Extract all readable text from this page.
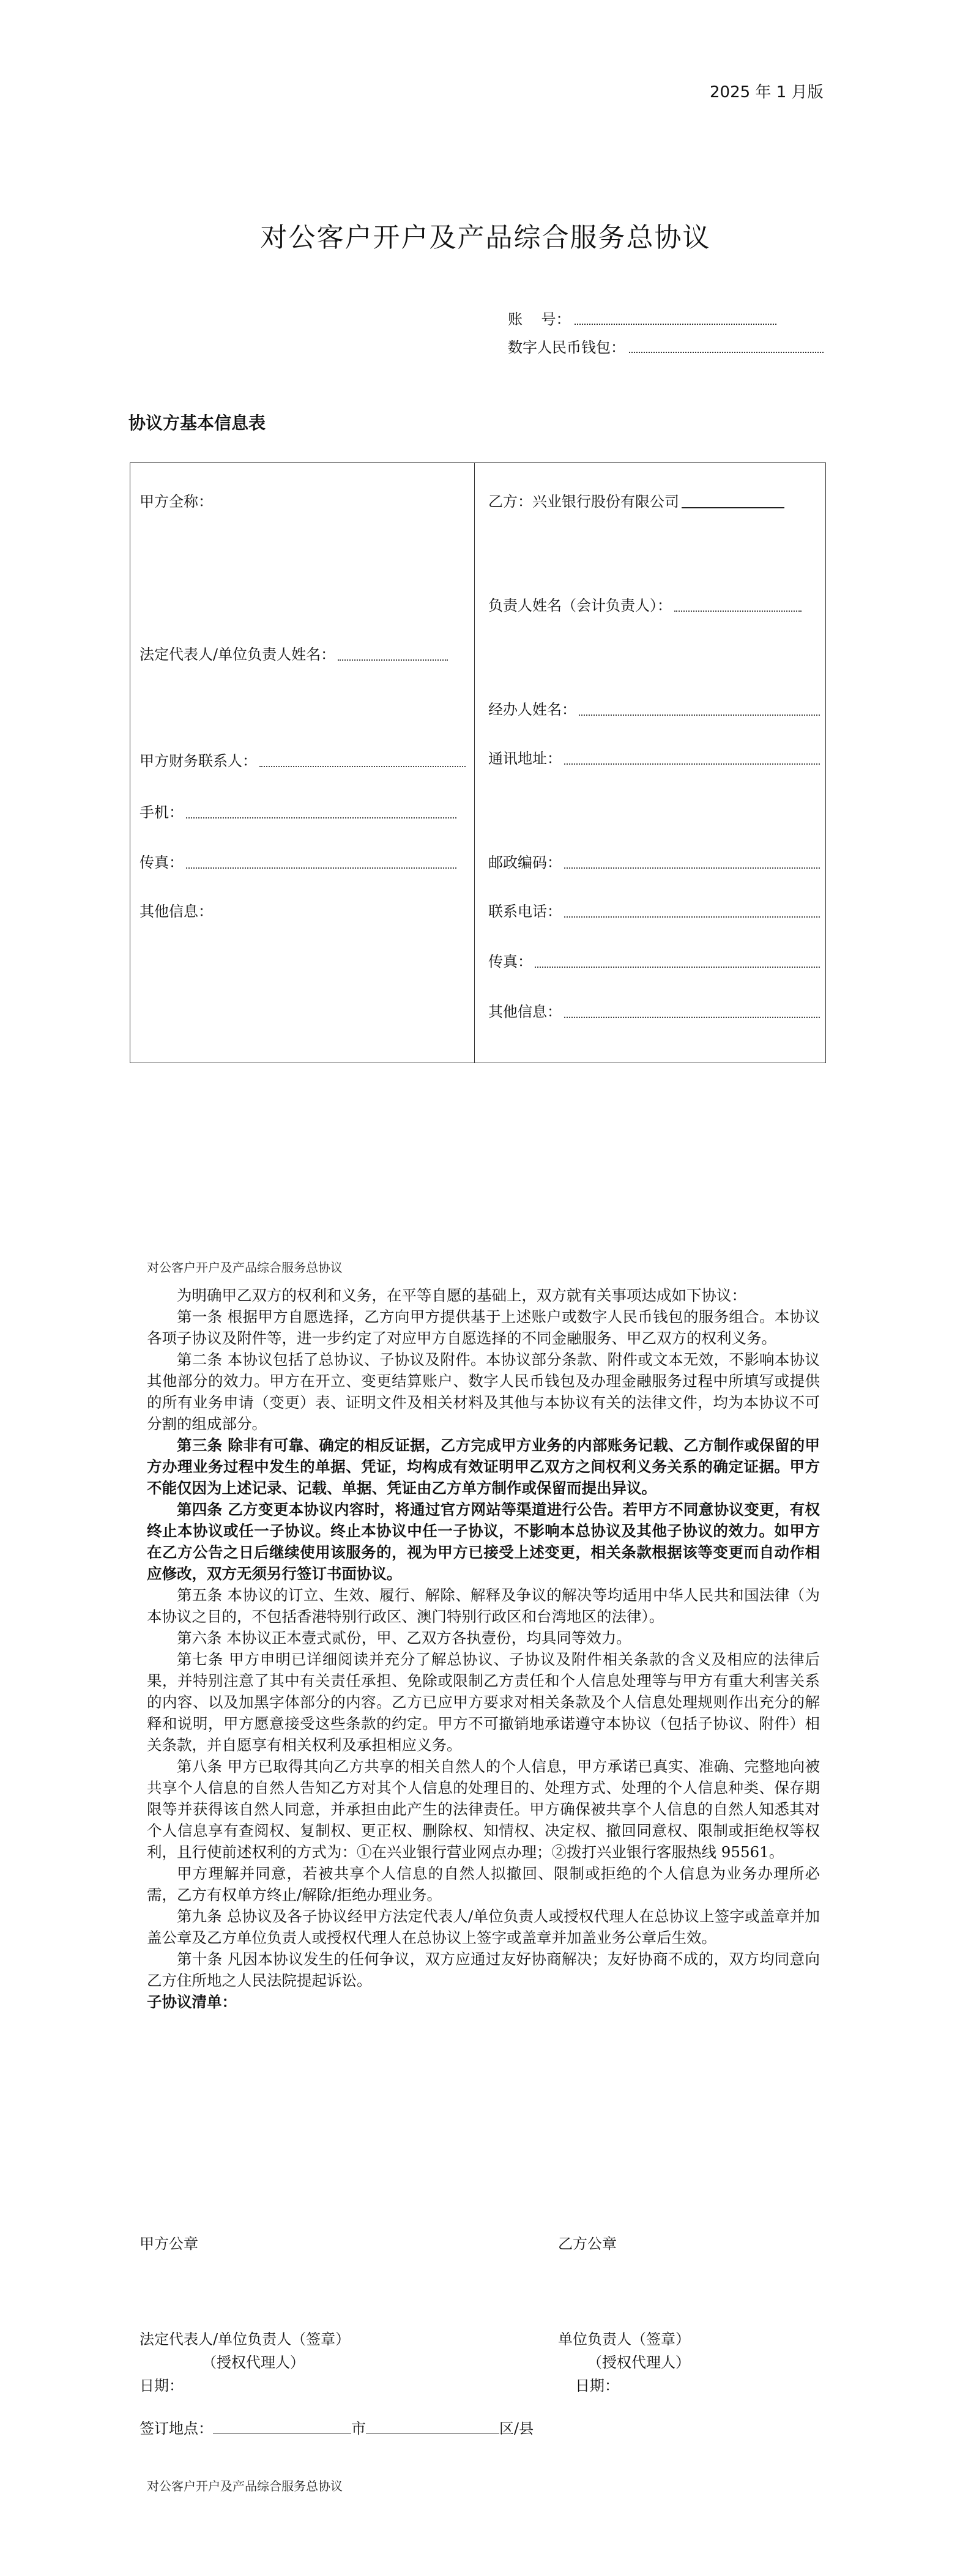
2025 年 1 月版
对公客户开户及产品综合服务总协议
账    号：
数字人民币钱包：
协议方基本信息表
甲方全称：
法定代表人/单位负责人姓名：
甲方财务联系人：
手机：
传真：
其他信息：
乙方：兴业银行股份有限公司
负责人姓名（会计负责人）：
经办人姓名：
通讯地址：
邮政编码：
联系电话：
传真：
其他信息：
对公客户开户及产品综合服务总协议

为明确甲乙双方的权利和义务，在平等自愿的基础上，双方就有关事项达成如下协议：

第一条 根据甲方自愿选择，乙方向甲方提供基于上述账户或数字人民币钱包的服务组合。本协议各项子协议及附件等，进一步约定了对应甲方自愿选择的不同金融服务、甲乙双方的权利义务。

第二条 本协议包括了总协议、子协议及附件。本协议部分条款、附件或文本无效，不影响本协议其他部分的效力。甲方在开立、变更结算账户、数字人民币钱包及办理金融服务过程中所填写或提供的所有业务申请（变更）表、证明文件及相关材料及其他与本协议有关的法律文件，均为本协议不可分割的组成部分。

第三条 除非有可靠、确定的相反证据，乙方完成甲方业务的内部账务记载、乙方制作或保留的甲方办理业务过程中发生的单据、凭证，均构成有效证明甲乙双方之间权利义务关系的确定证据。甲方不能仅因为上述记录、记载、单据、凭证由乙方单方制作或保留而提出异议。

第四条 乙方变更本协议内容时，将通过官方网站等渠道进行公告。若甲方不同意协议变更，有权终止本协议或任一子协议。终止本协议中任一子协议，不影响本总协议及其他子协议的效力。如甲方在乙方公告之日后继续使用该服务的，视为甲方已接受上述变更，相关条款根据该等变更而自动作相应修改，双方无须另行签订书面协议。

第五条 本协议的订立、生效、履行、解除、解释及争议的解决等均适用中华人民共和国法律（为本协议之目的，不包括香港特别行政区、澳门特别行政区和台湾地区的法律）。

第六条 本协议正本壹式贰份，甲、乙双方各执壹份，均具同等效力。

第七条 甲方申明已详细阅读并充分了解总协议、子协议及附件相关条款的含义及相应的法律后果，并特别注意了其中有关责任承担、免除或限制乙方责任和个人信息处理等与甲方有重大利害关系的内容、以及加黑字体部分的内容。乙方已应甲方要求对相关条款及个人信息处理规则作出充分的解释和说明，甲方愿意接受这些条款的约定。甲方不可撤销地承诺遵守本协议（包括子协议、附件）相关条款，并自愿享有相关权利及承担相应义务。

第八条 甲方已取得其向乙方共享的相关自然人的个人信息，甲方承诺已真实、准确、完整地向被共享个人信息的自然人告知乙方对其个人信息的处理目的、处理方式、处理的个人信息种类、保存期限等并获得该自然人同意，并承担由此产生的法律责任。甲方确保被共享个人信息的自然人知悉其对个人信息享有查阅权、复制权、更正权、删除权、知情权、决定权、撤回同意权、限制或拒绝权等权利，且行使前述权利的方式为：①在兴业银行营业网点办理；②拨打兴业银行客服热线 95561。

甲方理解并同意，若被共享个人信息的自然人拟撤回、限制或拒绝的个人信息为业务办理所必需，乙方有权单方终止/解除/拒绝办理业务。

第九条 总协议及各子协议经甲方法定代表人/单位负责人或授权代理人在总协议上签字或盖章并加盖公章及乙方单位负责人或授权代理人在总协议上签字或盖章并加盖业务公章后生效。

第十条 凡因本协议发生的任何争议，双方应通过友好协商解决；友好协商不成的，双方均同意向乙方住所地之人民法院提起诉讼。

子协议清单：

甲方公章	乙方公章
法定代表人/单位负责人（签章）
（授权代理人）
日期：
单位负责人（签章）
（授权代理人）
日期：
签订地点：	市	区/县
对公客户开户及产品综合服务总协议
